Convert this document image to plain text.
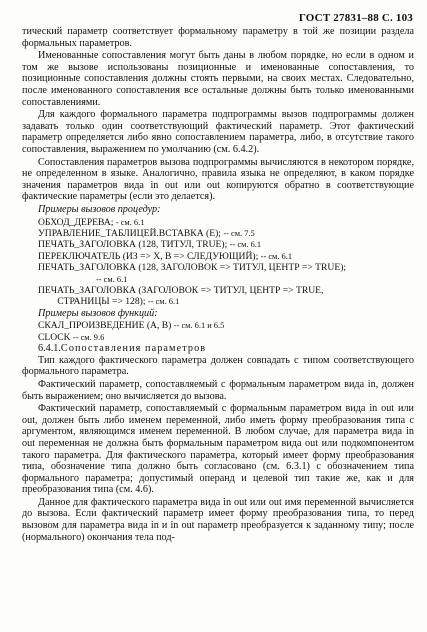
ГОСТ 27831–88 С. 103

тический параметр соответствует формальному параметру в той же позиции раздела формальных параметров.

Именованные сопоставления могут быть даны в любом порядке, но если в одном и том же вызове использованы позиционные и именованные сопоставления, то позиционные сопоставления должны стоять первыми, на своих местах. Следовательно, после именованного сопоставления все остальные должны быть только именованными сопоставлениями.

Для каждого формального параметра подпрограммы вызов подпрограммы должен задавать только один соответствующий фактический параметр. Этот фактический параметр определяется либо явно сопоставлением параметра, либо, в отсутствие такого сопоставления, выражением по умолчанию (см. 6.4.2).

Сопоставления параметров вызова подпрограммы вычисляются в некотором порядке, не определенном в языке. Аналогично, правила языка не определяют, в каком порядке значения параметров вида in out или out копируются обратно в соответствующие фактические параметры (если это делается).

Примеры вызовов процедур:

ОБХОД_ДЕРЕВА; - см. 6.1
УПРАВЛЕНИЕ_ТАБЛИЦЕЙ.ВСТАВКА (Е); -- см. 7.5
ПЕЧАТЬ_ЗАГОЛОВКА (128, ТИТУЛ, TRUE); -- см. 6.1
ПЕРЕКЛЮЧАТЕЛЬ (ИЗ => Х, В => СЛЕДУЮЩИЙ); -- см. 6.1
ПЕЧАТЬ_ЗАГОЛОВКА (128, ЗАГОЛОВОК => ТИТУЛ, ЦЕНТР => TRUE);
-- см. 6.1
ПЕЧАТЬ_ЗАГОЛОВКА (ЗАГОЛОВОК => ТИТУЛ, ЦЕНТР => TRUE,
СТРАНИЦЫ => 128); -- см. 6.1

Примеры вызовов функций:

СКАЛ_ПРОИЗВЕДЕНИЕ (А, В) -- см. 6.1 и 6.5
CLOCK -- см. 9.6

6.4.1.Сопоставления параметров

Тип каждого фактического параметра должен совпадать с типом соответствующего формального параметра.

Фактический параметр, сопоставляемый с формальным параметром вида in, должен быть выражением; оно вычисляется до вызова.

Фактический параметр, сопоставляемый с формальным параметром вида in out или out, должен быть либо именем переменной, либо иметь форму преобразования типа с аргументом, являющимся именем переменной. В любом случае, для параметра вида in out переменная не должна быть формальным параметром вида out или подкомпонентом такого параметра. Для фактического параметра, который имеет форму преобразования типа, обозначение типа должно быть согласовано (см. 6.3.1) с обозначением типа формального параметра; допустимый операнд и целевой тип такие же, как и для преобразования типа (см. 4.6).

Данное для фактического параметра вида in out или out имя переменной вычисляется до вызова. Если фактический параметр имеет форму преобразования типа, то перед вызовом для параметра вида in и in out параметр преобразуется к заданному типу; после (нормального) окончания тела под-
